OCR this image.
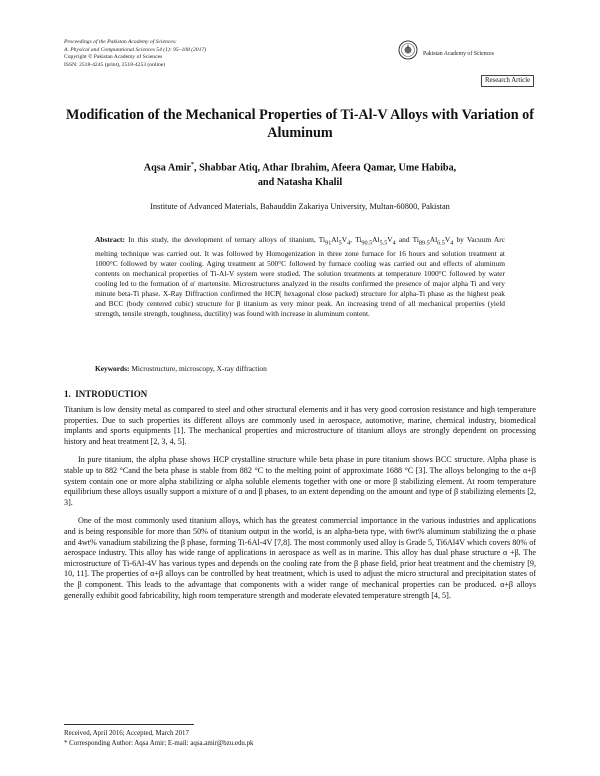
Proceedings of the Pakistan Academy of Sciences:
A. Physical and Computational Sciences 54 (1): 95–108 (2017)
Copyright © Pakistan Academy of Sciences
ISSN: 2518-4245 (print), 2518-4253 (online)
Pakistan Academy of Sciences
Research Article
Modification of the Mechanical Properties of Ti-Al-V Alloys with Variation of Aluminum
Aqsa Amir*, Shabbar Atiq, Athar Ibrahim, Afeera Qamar, Ume Habiba,
and Natasha Khalil
Institute of Advanced Materials, Bahauddin Zakariya University, Multan-60800, Pakistan
Abstract: In this study, the development of ternary alloys of titanium, $Ti_{91}Al_5V_4$, $Ti_{90.5}Al_{5.5}V_4$ and $Ti_{89.5}Al_{6.5}V_4$ by Vacuum Arc melting technique was carried out. It was followed by Homogenization in three zone furnace for 16 hours and solution treatment at 1000°C followed by water cooling. Aging treatment at 500°C followed by furnace cooling was carried out and effects of aluminum contents on mechanical properties of Ti-Al-V system were studied. The solution treatments at temperature 1000°C followed by water cooling led to the formation of α′ martensite. Microstructures analyzed in the results confirmed the presence of major alpha Ti and very minute beta-Ti phase. X-Ray Diffraction confirmed the HCP( hexagonal close packed) structure for alpha-Ti phase as the highest peak and BCC (body centered cubic) structure for β titanium as very minor peak. An increasing trend of all mechanical properties (yield strength, tensile strength, toughness, ductility) was found with increase in aluminum content.
Keywords: Microstructure, microscopy, X-ray diffraction
1. INTRODUCTION

Titanium is low density metal as compared to steel and other structural elements and it has very good corrosion resistance and high temperature properties. Due to such properties its different alloys are commonly used in aerospace, automotive, marine, chemical industry, biomedical implants and sports equipments [1]. The mechanical properties and microstructure of titanium alloys are strongly dependent on processing history and heat treatment [2, 3, 4, 5].

In pure titanium, the alpha phase shows HCP crystalline structure while beta phase in pure titanium shows BCC structure. Alpha phase is stable up to 882 °Cand the beta phase is stable from 882 °C to the melting point of approximate 1688 °C [3]. The alloys belonging to the α+β system contain one or more alpha stabilizing or alpha soluble elements together with one or more β stabilizing element. At room temperature equilibrium these alloys usually support a mixture of α and β phases, to an extent depending on the amount and type of β stabilizing elements [2, 3].

One of the most commonly used titanium alloys, which has the greatest commercial importance in the various industries and applications and is being responsible for more than 50% of titanium output in the world, is an alpha-beta type, with 6wt% aluminum stabilizing the α phase and 4wt% vanadium stabilizing the β phase, forming Ti-6Al-4V [7,8]. The most commonly used alloy is Grade 5, Ti6Al4V which covers 80% of aerospace industry. This alloy has wide range of applications in aerospace as well as in marine. This alloy has dual phase structure α +β. The microstructure of Ti-6Al-4V has various types and depends on the cooling rate from the β phase field, prior heat treatment and the chemistry [9, 10, 11]. The properties of α+β alloys can be controlled by heat treatment, which is used to adjust the micro structural and precipitation states of the β component. This leads to the advantage that components with a wider range of mechanical properties can be produced. α+β alloys generally exhibit good fabricability, high room temperature strength and moderate elevated temperature strength [4, 5].

Received, April 2016; Accepted, March 2017
* Corresponding Author: Aqsa Amir; E-mail: aqsa.amir@bzu.edu.pk
